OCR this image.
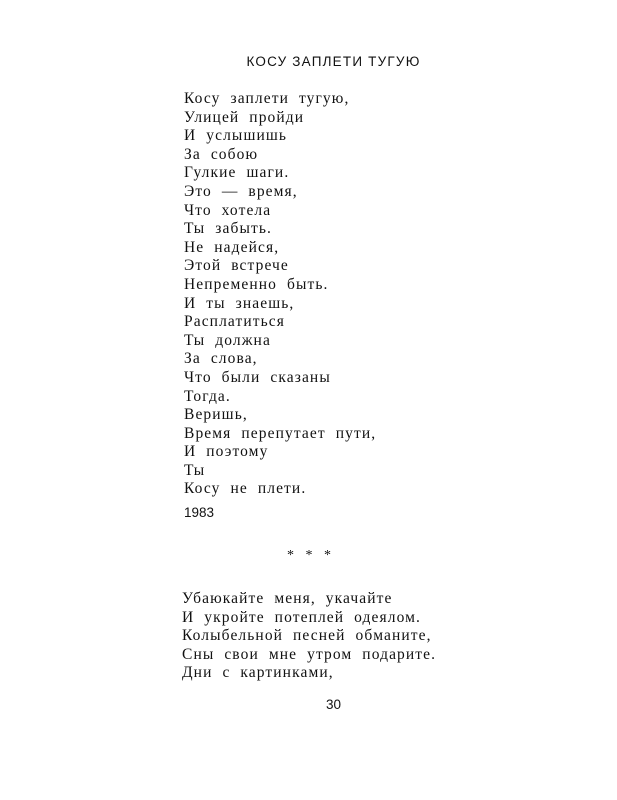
КОСУ ЗАПЛЕТИ ТУГУЮ
Косу заплети тугую,
Улицей пройди
И услышишь
За собою
Гулкие шаги.
Это — время,
Что хотела
Ты забыть.
Не надейся,
Этой встрече
Непременно быть.
И ты знаешь,
Расплатиться
Ты должна
За слова,
Что были сказаны
Тогда.
Веришь,
Время перепутает пути,
И поэтому
Ты
Косу не плети.
1983
* * *
Убаюкайте меня, укачайте
И укройте потеплей одеялом.
Колыбельной песней обманите,
Сны свои мне утром подарите.
Дни с картинками,
30
